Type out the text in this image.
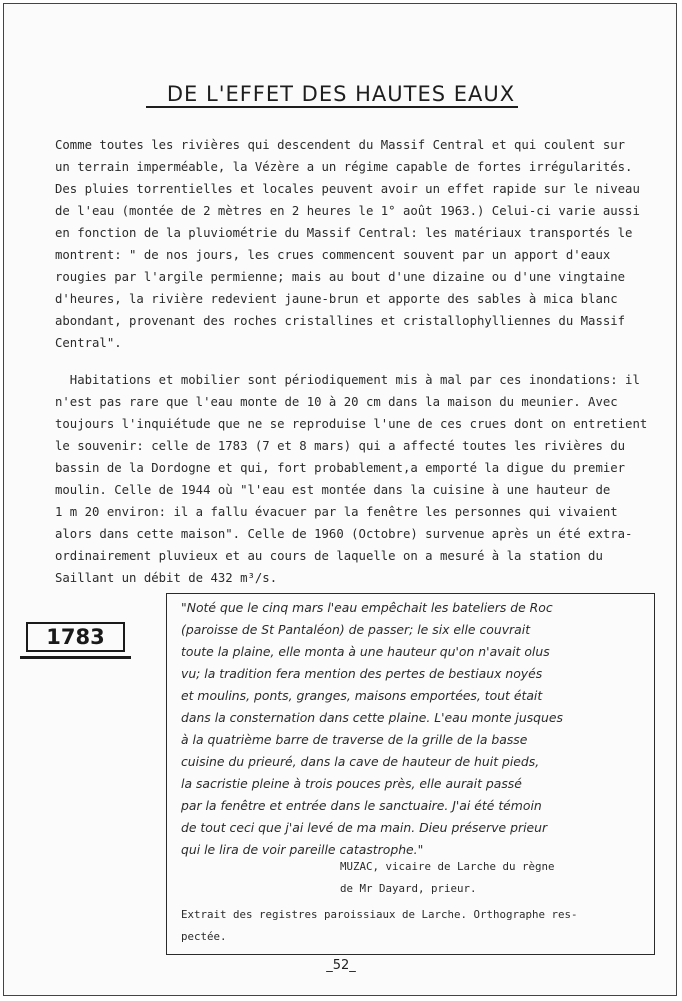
DE L'EFFET DES HAUTES EAUX
Comme toutes les rivières qui descendent du Massif Central et qui coulent sur
un terrain imperméable, la Vézère a un régime capable de fortes irrégularités.
Des pluies torrentielles et locales peuvent avoir un effet rapide sur le niveau
de l'eau (montée de 2 mètres en 2 heures le 1° août 1963.) Celui-ci varie aussi
en fonction de la pluviométrie du Massif Central: les matériaux transportés le
montrent: " de nos jours, les crues commencent souvent par un apport d'eaux
rougies par l'argile permienne; mais au bout d'une dizaine ou d'une vingtaine
d'heures, la rivière redevient jaune-brun et apporte des sables à mica blanc
abondant, provenant des roches cristallines et cristallophylliennes du Massif
Central".
Habitations et mobilier sont périodiquement mis à mal par ces inondations: il
n'est pas rare que l'eau monte de 10 à 20 cm dans la maison du meunier. Avec
toujours l'inquiétude que ne se reproduise l'une de ces crues dont on entretient
le souvenir: celle de 1783 (7 et 8 mars) qui a affecté toutes les rivières du
bassin de la Dordogne et qui, fort probablement,a emporté la digue du premier
moulin. Celle de 1944 où "l'eau est montée dans la cuisine à une hauteur de
1 m 20 environ: il a fallu évacuer par la fenêtre les personnes qui vivaient
alors dans cette maison". Celle de 1960 (Octobre) survenue après un été extra-
ordinairement pluvieux et au cours de laquelle on a mesuré à la station du
Saillant un débit de 432 m³/s.
1783
"Noté que le cinq mars l'eau empêchait les bateliers de Roc
(paroisse de St Pantaléon) de passer; le six elle couvrait
toute la plaine, elle monta à une hauteur qu'on n'avait olus
vu; la tradition fera mention des pertes de bestiaux noyés
et moulins, ponts, granges, maisons emportées, tout était
dans la consternation dans cette plaine. L'eau monte jusques
à la quatrième barre de traverse de la grille de la basse
cuisine du prieuré, dans la cave de hauteur de huit pieds,
la sacristie pleine à trois pouces près, elle aurait passé
par la fenêtre et entrée dans le sanctuaire. J'ai été témoin
de tout ceci que j'ai levé de ma main. Dieu préserve prieur
qui le lira de voir pareille catastrophe."
MUZAC, vicaire de Larche du règne
de Mr Dayard, prieur.
Extrait des registres paroissiaux de Larche. Orthographe res-
pectée.
_52_
